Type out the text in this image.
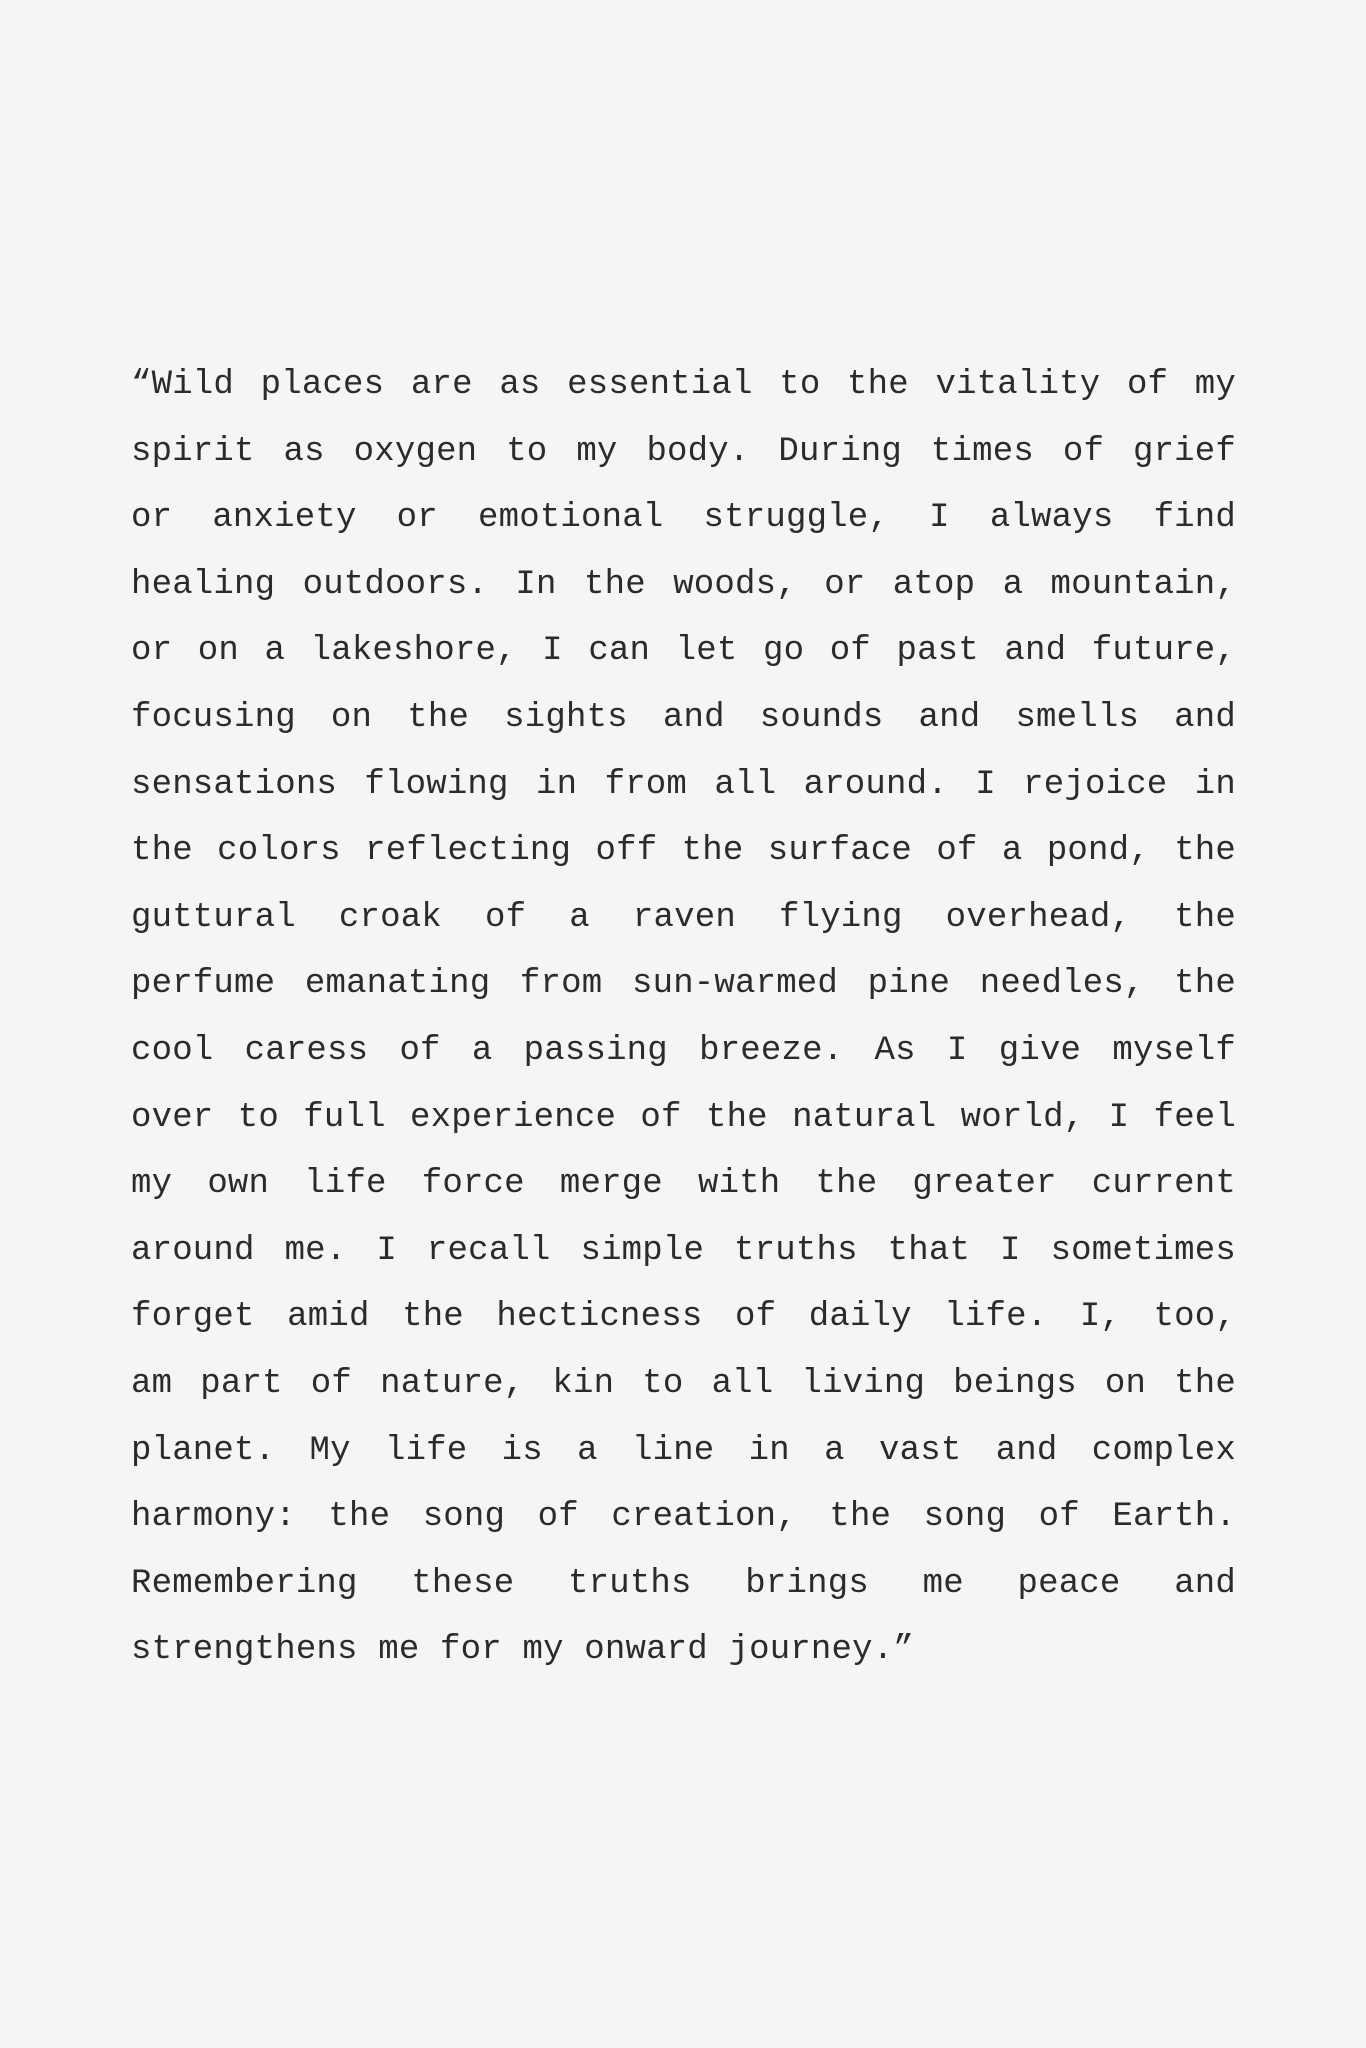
“Wild places are as essential to the vitality of my
spirit as oxygen to my body. During times of grief
or anxiety or emotional struggle, I always find
healing outdoors. In the woods, or atop a mountain,
or on a lakeshore, I can let go of past and future,
focusing on the sights and sounds and smells and
sensations flowing in from all around. I rejoice in
the colors reflecting off the surface of a pond, the
guttural croak of a raven flying overhead, the
perfume emanating from sun-warmed pine needles, the
cool caress of a passing breeze. As I give myself
over to full experience of the natural world, I feel
my own life force merge with the greater current
around me. I recall simple truths that I sometimes
forget amid the hecticness of daily life. I, too,
am part of nature, kin to all living beings on the
planet. My life is a line in a vast and complex
harmony: the song of creation, the song of Earth.
Remembering these truths brings me peace and
strengthens me for my onward journey.”
